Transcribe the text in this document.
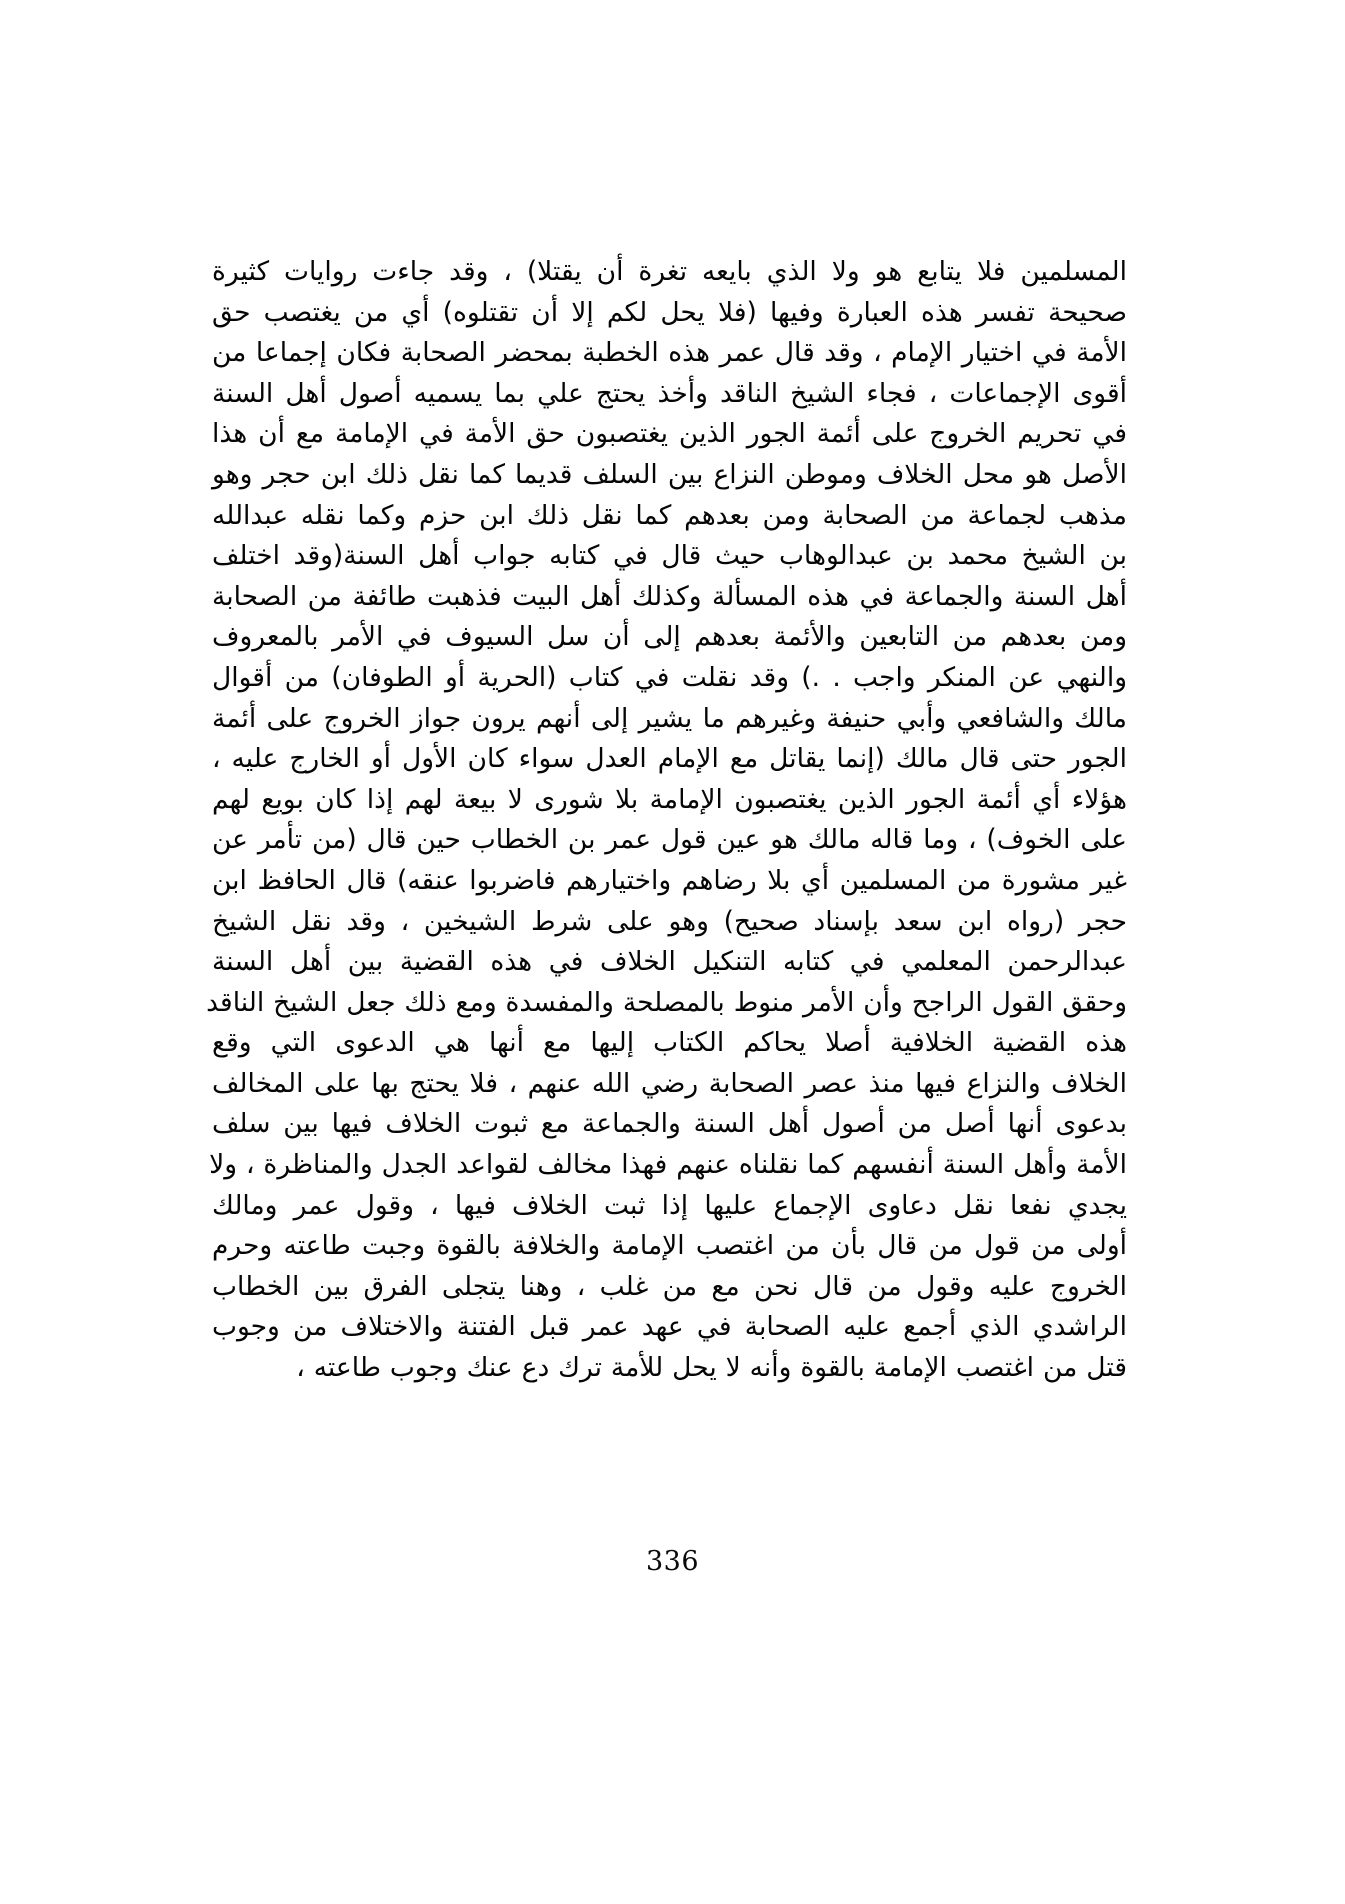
المسلمين فلا يتابع هو ولا الذي بايعه تغرة أن يقتلا) ، وقد جاءت روايات كثيرة
صحيحة تفسر هذه العبارة وفيها (فلا يحل لكم إلا أن تقتلوه) أي من يغتصب حق
الأمة في اختيار الإمام ، وقد قال عمر هذه الخطبة بمحضر الصحابة فكان إجماعا من
أقوى الإجماعات ، فجاء الشيخ الناقد وأخذ يحتج علي بما يسميه أصول أهل السنة
في تحريم الخروج على أئمة الجور الذين يغتصبون حق الأمة في الإمامة مع أن هذا
الأصل هو محل الخلاف وموطن النزاع بين السلف قديما كما نقل ذلك ابن حجر وهو
مذهب لجماعة من الصحابة ومن بعدهم كما نقل ذلك ابن حزم وكما نقله عبدالله
بن الشيخ محمد بن عبدالوهاب حيث قال في كتابه جواب أهل السنة(وقد اختلف
أهل السنة والجماعة في هذه المسألة وكذلك أهل البيت فذهبت طائفة من الصحابة
ومن بعدهم من التابعين والأئمة بعدهم إلى أن سل السيوف في الأمر بالمعروف
والنهي عن المنكر واجب . .) وقد نقلت في كتاب (الحرية أو الطوفان) من أقوال
مالك والشافعي وأبي حنيفة وغيرهم ما يشير إلى أنهم يرون جواز الخروج على أئمة
الجور حتى قال مالك (إنما يقاتل مع الإمام العدل سواء كان الأول أو الخارج عليه ،
هؤلاء أي أئمة الجور الذين يغتصبون الإمامة بلا شورى لا بيعة لهم إذا كان بويع لهم
على الخوف) ، وما قاله مالك هو عين قول عمر بن الخطاب حين قال (من تأمر عن
غير مشورة من المسلمين أي بلا رضاهم واختيارهم فاضربوا عنقه) قال الحافظ ابن
حجر (رواه ابن سعد بإسناد صحيح) وهو على شرط الشيخين ، وقد نقل الشيخ
عبدالرحمن المعلمي في كتابه التنكيل الخلاف في هذه القضية بين أهل السنة
وحقق القول الراجح وأن الأمر منوط بالمصلحة والمفسدة ومع ذلك جعل الشيخ الناقد
هذه القضية الخلافية أصلا يحاكم الكتاب إليها مع أنها هي الدعوى التي وقع
الخلاف والنزاع فيها منذ عصر الصحابة رضي الله عنهم ، فلا يحتج بها على المخالف
بدعوى أنها أصل من أصول أهل السنة والجماعة مع ثبوت الخلاف فيها بين سلف
الأمة وأهل السنة أنفسهم كما نقلناه عنهم فهذا مخالف لقواعد الجدل والمناظرة ، ولا
يجدي نفعا نقل دعاوى الإجماع عليها إذا ثبت الخلاف فيها ، وقول عمر ومالك
أولى من قول من قال بأن من اغتصب الإمامة والخلافة بالقوة وجبت طاعته وحرم
الخروج عليه وقول من قال نحن مع من غلب ، وهنا يتجلى الفرق بين الخطاب
الراشدي الذي أجمع عليه الصحابة في عهد عمر قبل الفتنة والاختلاف من وجوب
قتل من اغتصب الإمامة بالقوة وأنه لا يحل للأمة ترك دع عنك وجوب طاعته ،

336
